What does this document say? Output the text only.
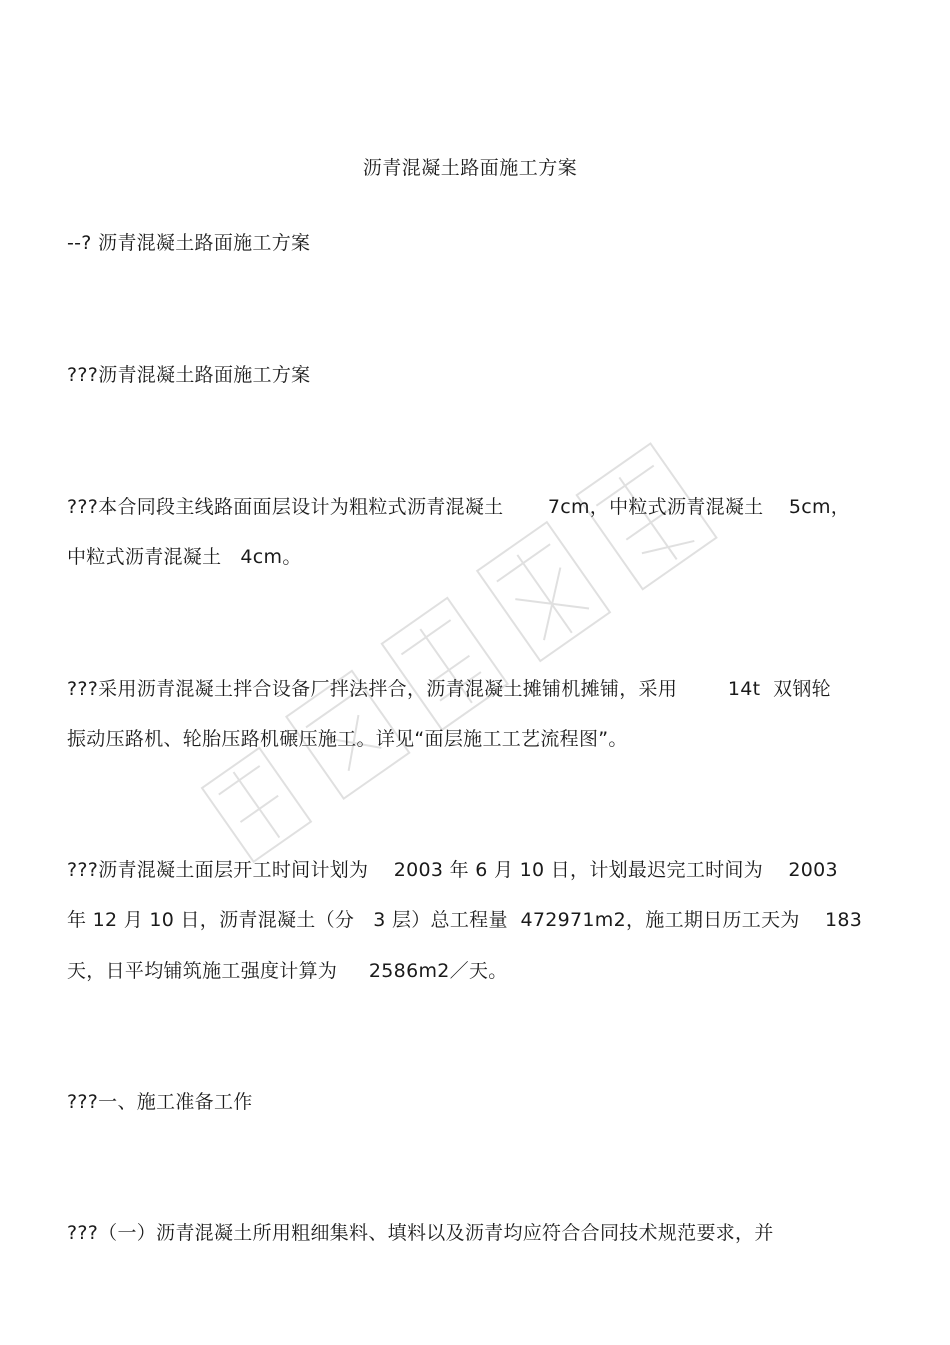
沥青混凝土路面施工方案
--? 沥青混凝土路面施工方案
???沥青混凝土路面施工方案
???本合同段主线路面面层设计为粗粒式沥青混凝土       7cm，中粒式沥青混凝土    5cm，
中粒式沥青混凝土   4cm。
???采用沥青混凝土拌合设备厂拌法拌合，沥青混凝土摊铺机摊铺，采用        14t  双钢轮
振动压路机、轮胎压路机碾压施工。详见“面层施工工艺流程图”。
???沥青混凝土面层开工时间计划为    2003 年 6 月 10 日，计划最迟完工时间为    2003
年 12 月 10 日，沥青混凝土（分   3 层）总工程量  472971m2，施工期日历工天为    183
天，日平均铺筑施工强度计算为     2586m2／天。
???一、施工准备工作
???（一）沥青混凝土所用粗细集料、填料以及沥青均应符合合同技术规范要求，并
